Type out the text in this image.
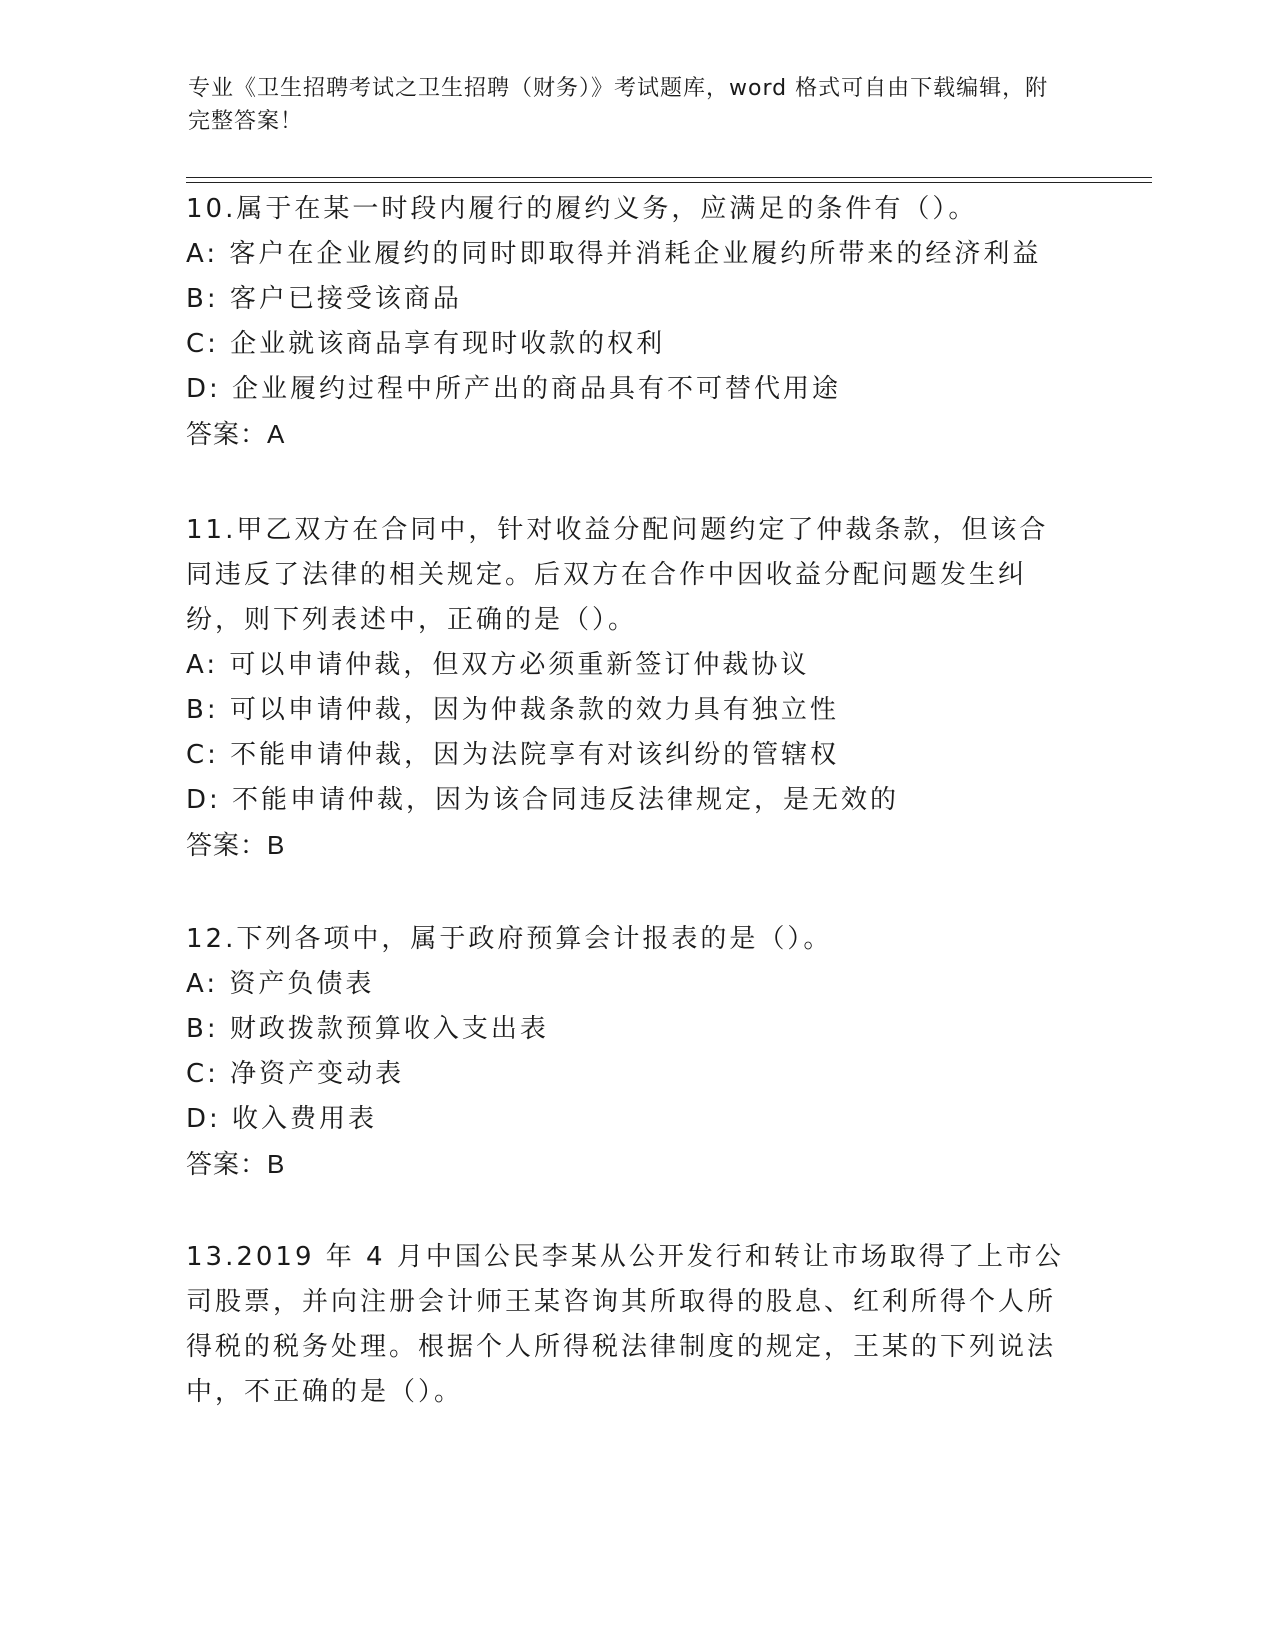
专业《卫生招聘考试之卫生招聘（财务）》考试题库，word 格式可自由下载编辑，附完整答案！

10.属于在某一时段内履行的履约义务，应满足的条件有（）。

A: 客户在企业履约的同时即取得并消耗企业履约所带来的经济利益

B: 客户已接受该商品

C: 企业就该商品享有现时收款的权利

D: 企业履约过程中所产出的商品具有不可替代用途

答案：A

11.甲乙双方在合同中，针对收益分配问题约定了仲裁条款，但该合同违反了法律的相关规定。后双方在合作中因收益分配问题发生纠纷，则下列表述中，正确的是（）。

A: 可以申请仲裁，但双方必须重新签订仲裁协议

B: 可以申请仲裁，因为仲裁条款的效力具有独立性

C: 不能申请仲裁，因为法院享有对该纠纷的管辖权

D: 不能申请仲裁，因为该合同违反法律规定，是无效的

答案：B

12.下列各项中，属于政府预算会计报表的是（）。

A: 资产负债表

B: 财政拨款预算收入支出表

C: 净资产变动表

D: 收入费用表

答案：B

13.2019 年 4 月中国公民李某从公开发行和转让市场取得了上市公司股票，并向注册会计师王某咨询其所取得的股息、红利所得个人所得税的税务处理。根据个人所得税法律制度的规定，王某的下列说法中，不正确的是（）。
